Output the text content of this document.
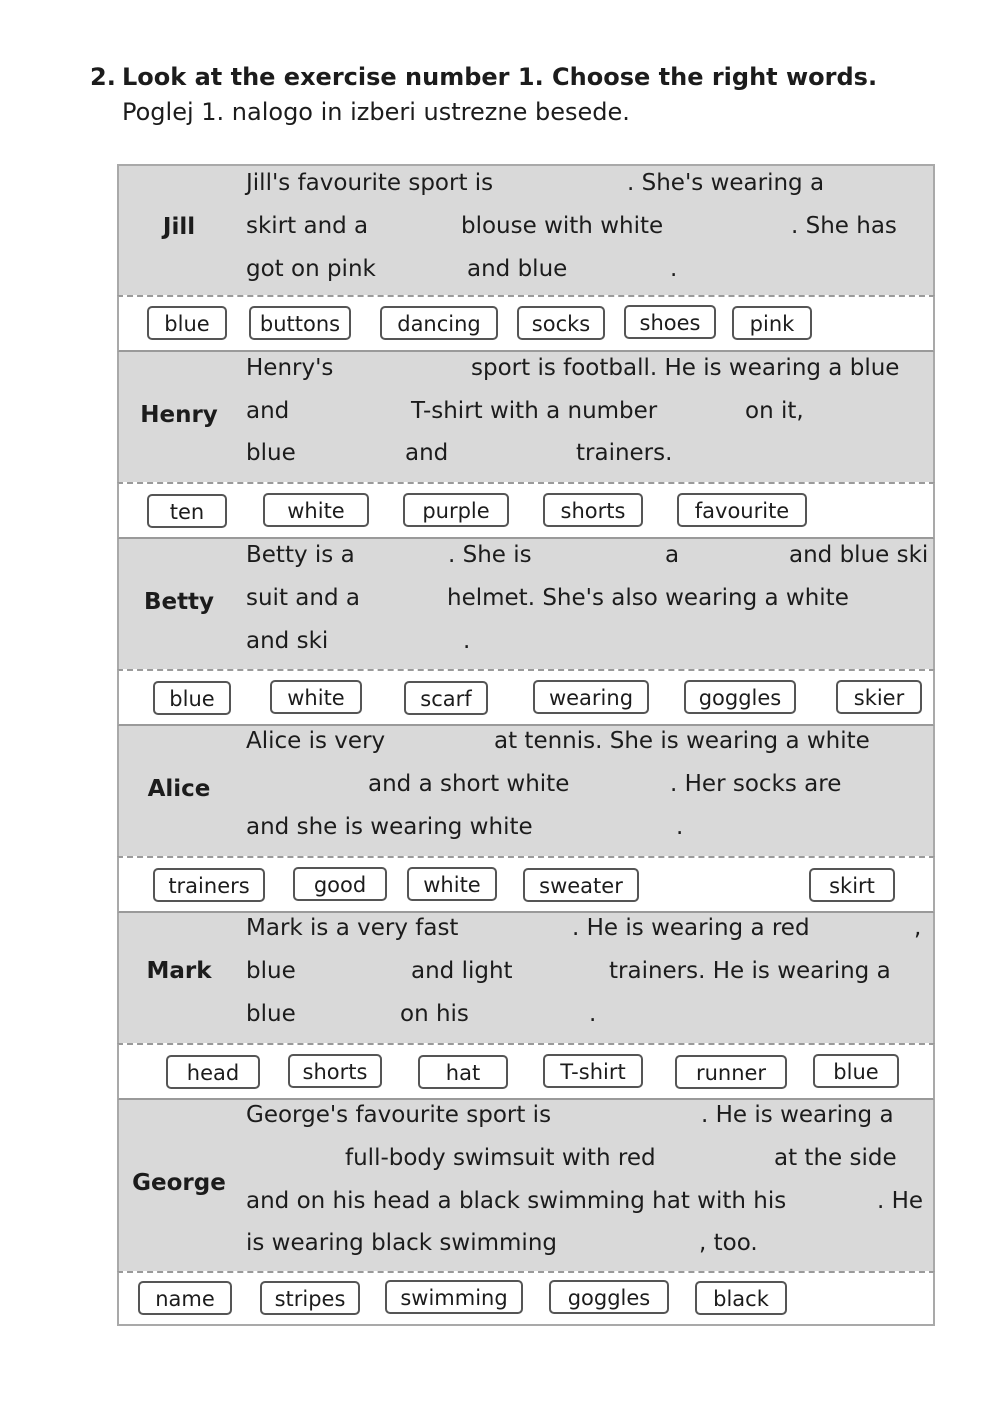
2. Look at the exercise number 1. Choose the right words. Poglej 1. nalogo in izberi ustrezne besede.
Jill
Jill's favourite sport is	. She's wearing a
skirt and a	blouse with white	. She has
got on pink	and blue	.
blue	buttons	dancing	socks	shoes	pink
Henry
Henry's	sport is football. He is wearing a blue
and	T-shirt with a number	on it,
blue	and	trainers.
ten	white	purple	shorts	favourite
Betty
Betty is a	. She is	a	and blue ski
suit and a	helmet. She's also wearing a white
and ski	.
blue	white	scarf	wearing	goggles	skier
Alice
Alice is very	at tennis. She is wearing a white
and a short white	. Her socks are
and she is wearing white	.
trainers	good	white	sweater	skirt
Mark
Mark is a very fast	. He is wearing a red	,
blue	and light	trainers. He is wearing a
blue	on his	.
head	shorts	hat	T-shirt	runner	blue
George
George's favourite sport is	. He is wearing a
full-body swimsuit with red	at the side
and on his head a black swimming hat with his	. He
is wearing black swimming	, too.
name	stripes	swimming	goggles	black
